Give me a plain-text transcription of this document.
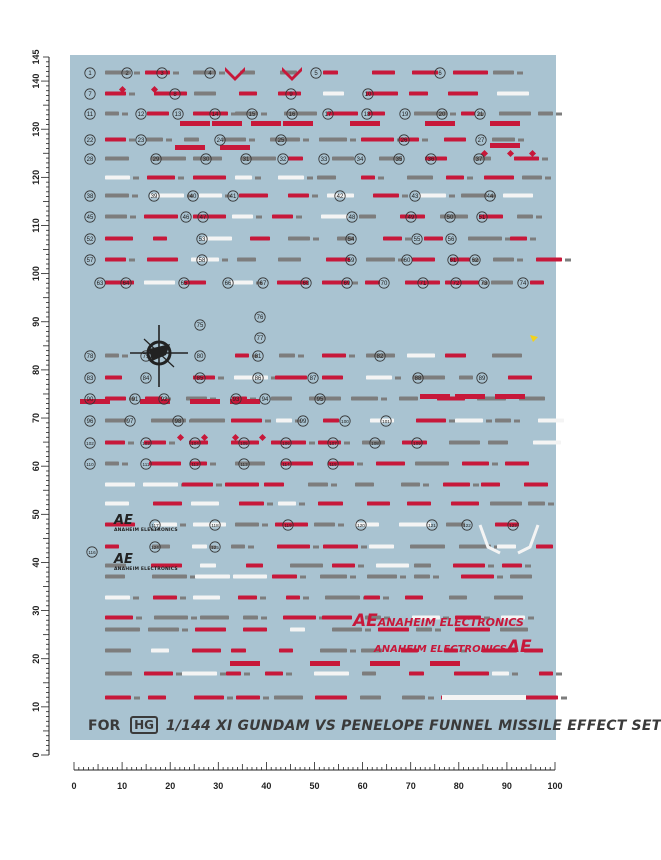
0
10
20
30
40
50
60
70
80
90
100
110
120
130
140
145
1	2	3	4	5	6
7	8	9	10
11	12	13	14	15	16	17	18	19	20	21
22	23	24	25	26	27
28	29	30	31	32	33	34	35	36	37
38	39	40	41	42	43	44
45	46 47	48	49	50	51
52	53	54	55	56
57	58	59	60	61	62
63	64	65	66	67	68	69	70	71	72	73	74
75
76
77
78	79	80	81	82
83	84	85	86	87	88	89
90	91	92	93	94	95
96	97	98	99	100	101
102	103	104	105	106	107	108	109
110	111	112	113	114	115
116
117	118	119	120	121	122	123
124	125
AE
ANAHEIM ELECTRONICS
AE
ANAHEIM ELECTRONICS
AEANAHEIM ELECTRONICS
ANAHEIM ELECTRONICSAE
FOR HG 1/144 XI GUNDAM VS PENELOPE FUNNEL MISSILE EFFECT SET
0	10	20	30	40	50	60	70	80	90	100
